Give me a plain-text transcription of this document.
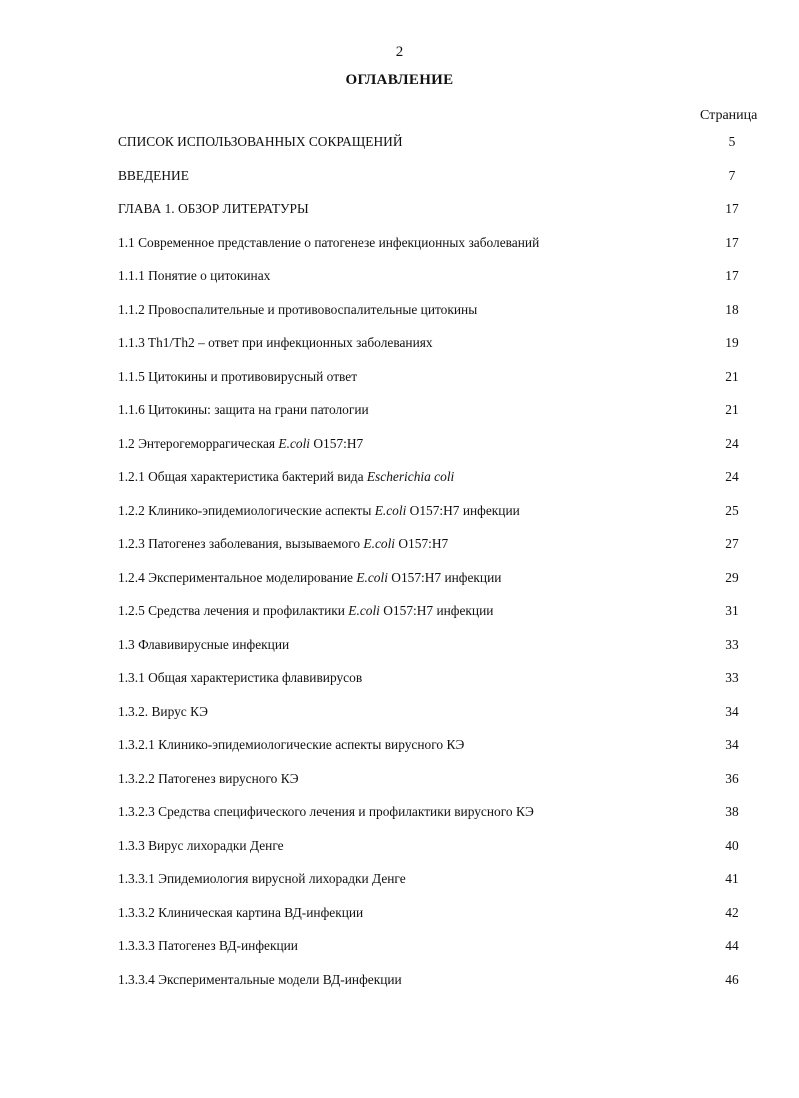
2
ОГЛАВЛЕНИЕ
Страница
СПИСОК ИСПОЛЬЗОВАННЫХ СОКРАЩЕНИЙ	5
ВВЕДЕНИЕ	7
ГЛАВА 1. ОБЗОР ЛИТЕРАТУРЫ	17
1.1 Современное представление о патогенезе инфекционных заболеваний	17
1.1.1 Понятие о цитокинах	17
1.1.2 Провоспалительные и противовоспалительные цитокины	18
1.1.3 Th1/Th2 – ответ при инфекционных заболеваниях	19
1.1.5 Цитокины и противовирусный ответ	21
1.1.6 Цитокины: защита на грани патологии	21
1.2 Энтерогеморрагическая E.coli O157:H7	24
1.2.1 Общая характеристика бактерий вида Escherichia coli	24
1.2.2 Клинико-эпидемиологические аспекты E.coli O157:H7 инфекции	25
1.2.3 Патогенез заболевания, вызываемого E.coli O157:H7	27
1.2.4 Экспериментальное моделирование E.coli O157:H7 инфекции	29
1.2.5 Средства лечения и профилактики E.coli O157:H7 инфекции	31
1.3 Флавивирусные инфекции	33
1.3.1 Общая характеристика флавивирусов	33
1.3.2. Вирус КЭ	34
1.3.2.1 Клинико-эпидемиологические аспекты вирусного КЭ	34
1.3.2.2 Патогенез вирусного КЭ	36
1.3.2.3 Средства специфического лечения и профилактики вирусного КЭ	38
1.3.3 Вирус лихорадки Денге	40
1.3.3.1 Эпидемиология вирусной лихорадки Денге	41
1.3.3.2 Клиническая картина ВД-инфекции	42
1.3.3.3 Патогенез ВД-инфекции	44
1.3.3.4 Экспериментальные модели ВД-инфекции	46
